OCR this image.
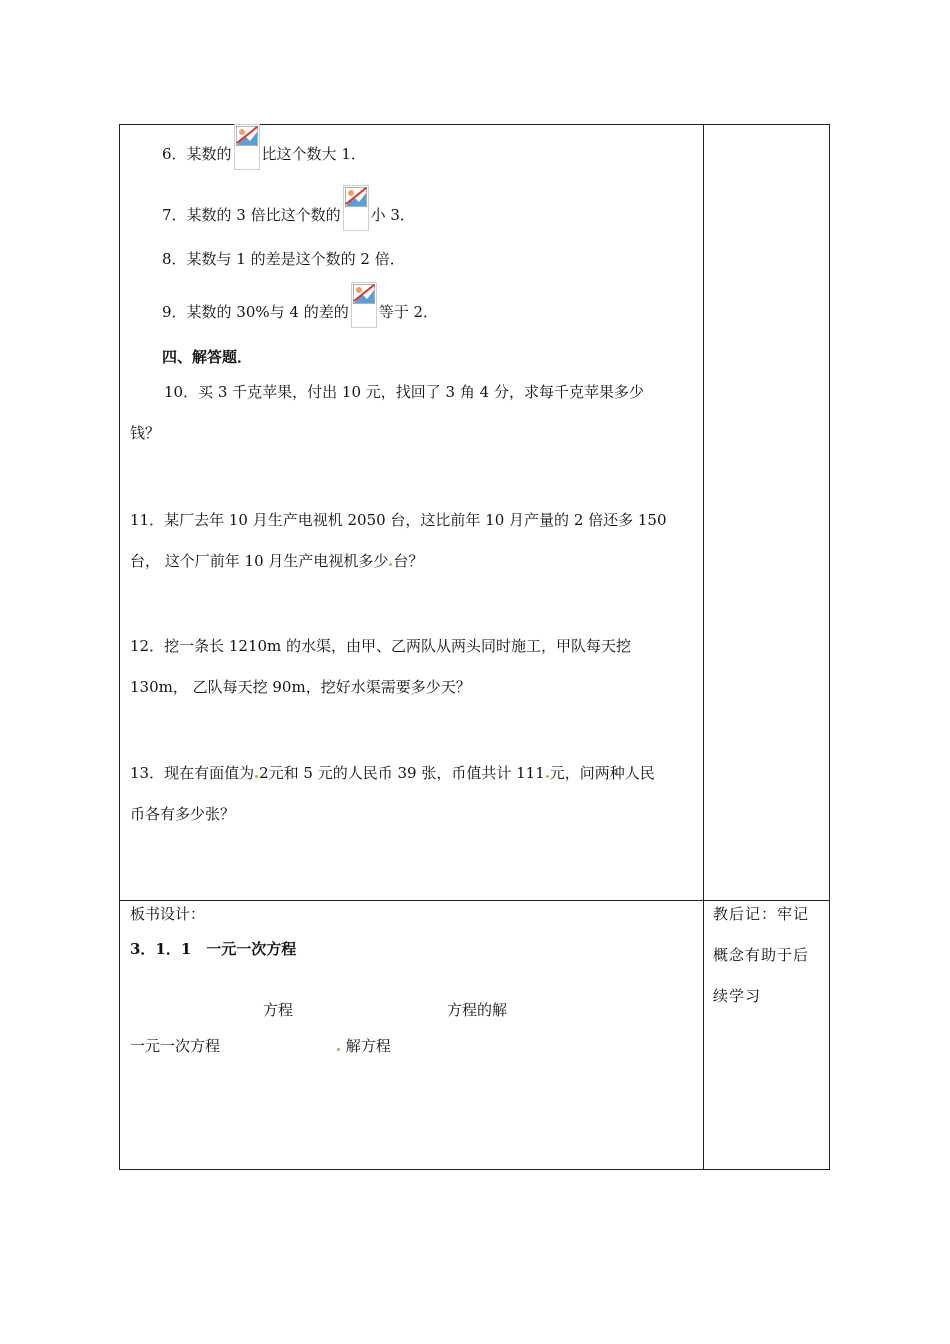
6．某数的 比这个数大 1．
7．某数的 3 倍比这个数的 小 3．
8．某数与 1 的差是这个数的 2 倍．
9．某数的 30%与 4 的差的 等于 2．
四、解答题．
10．买 3 千克苹果，付出 10 元，找回了 3 角 4 分，求每千克苹果多少
钱？
11．某厂去年 10 月生产电视机 2050 台，这比前年 10 月产量的 2 倍还多 150
台， 这个厂前年 10 月生产电视机多少 台？
12．挖一条长 1210m 的水渠，由甲、乙两队从两头同时施工，甲队每天挖
130m， 乙队每天挖 90m，挖好水渠需要多少天？
13．现在有面值为 2元和 5 元的人民币 39 张，币值共计 111 元，问两种人民
币各有多少张？
板书设计：
3．1．1　一元一次方程
方程	方程的解
一元一次方程	解方程
教后记：牢记
概念有助于后
续学习
